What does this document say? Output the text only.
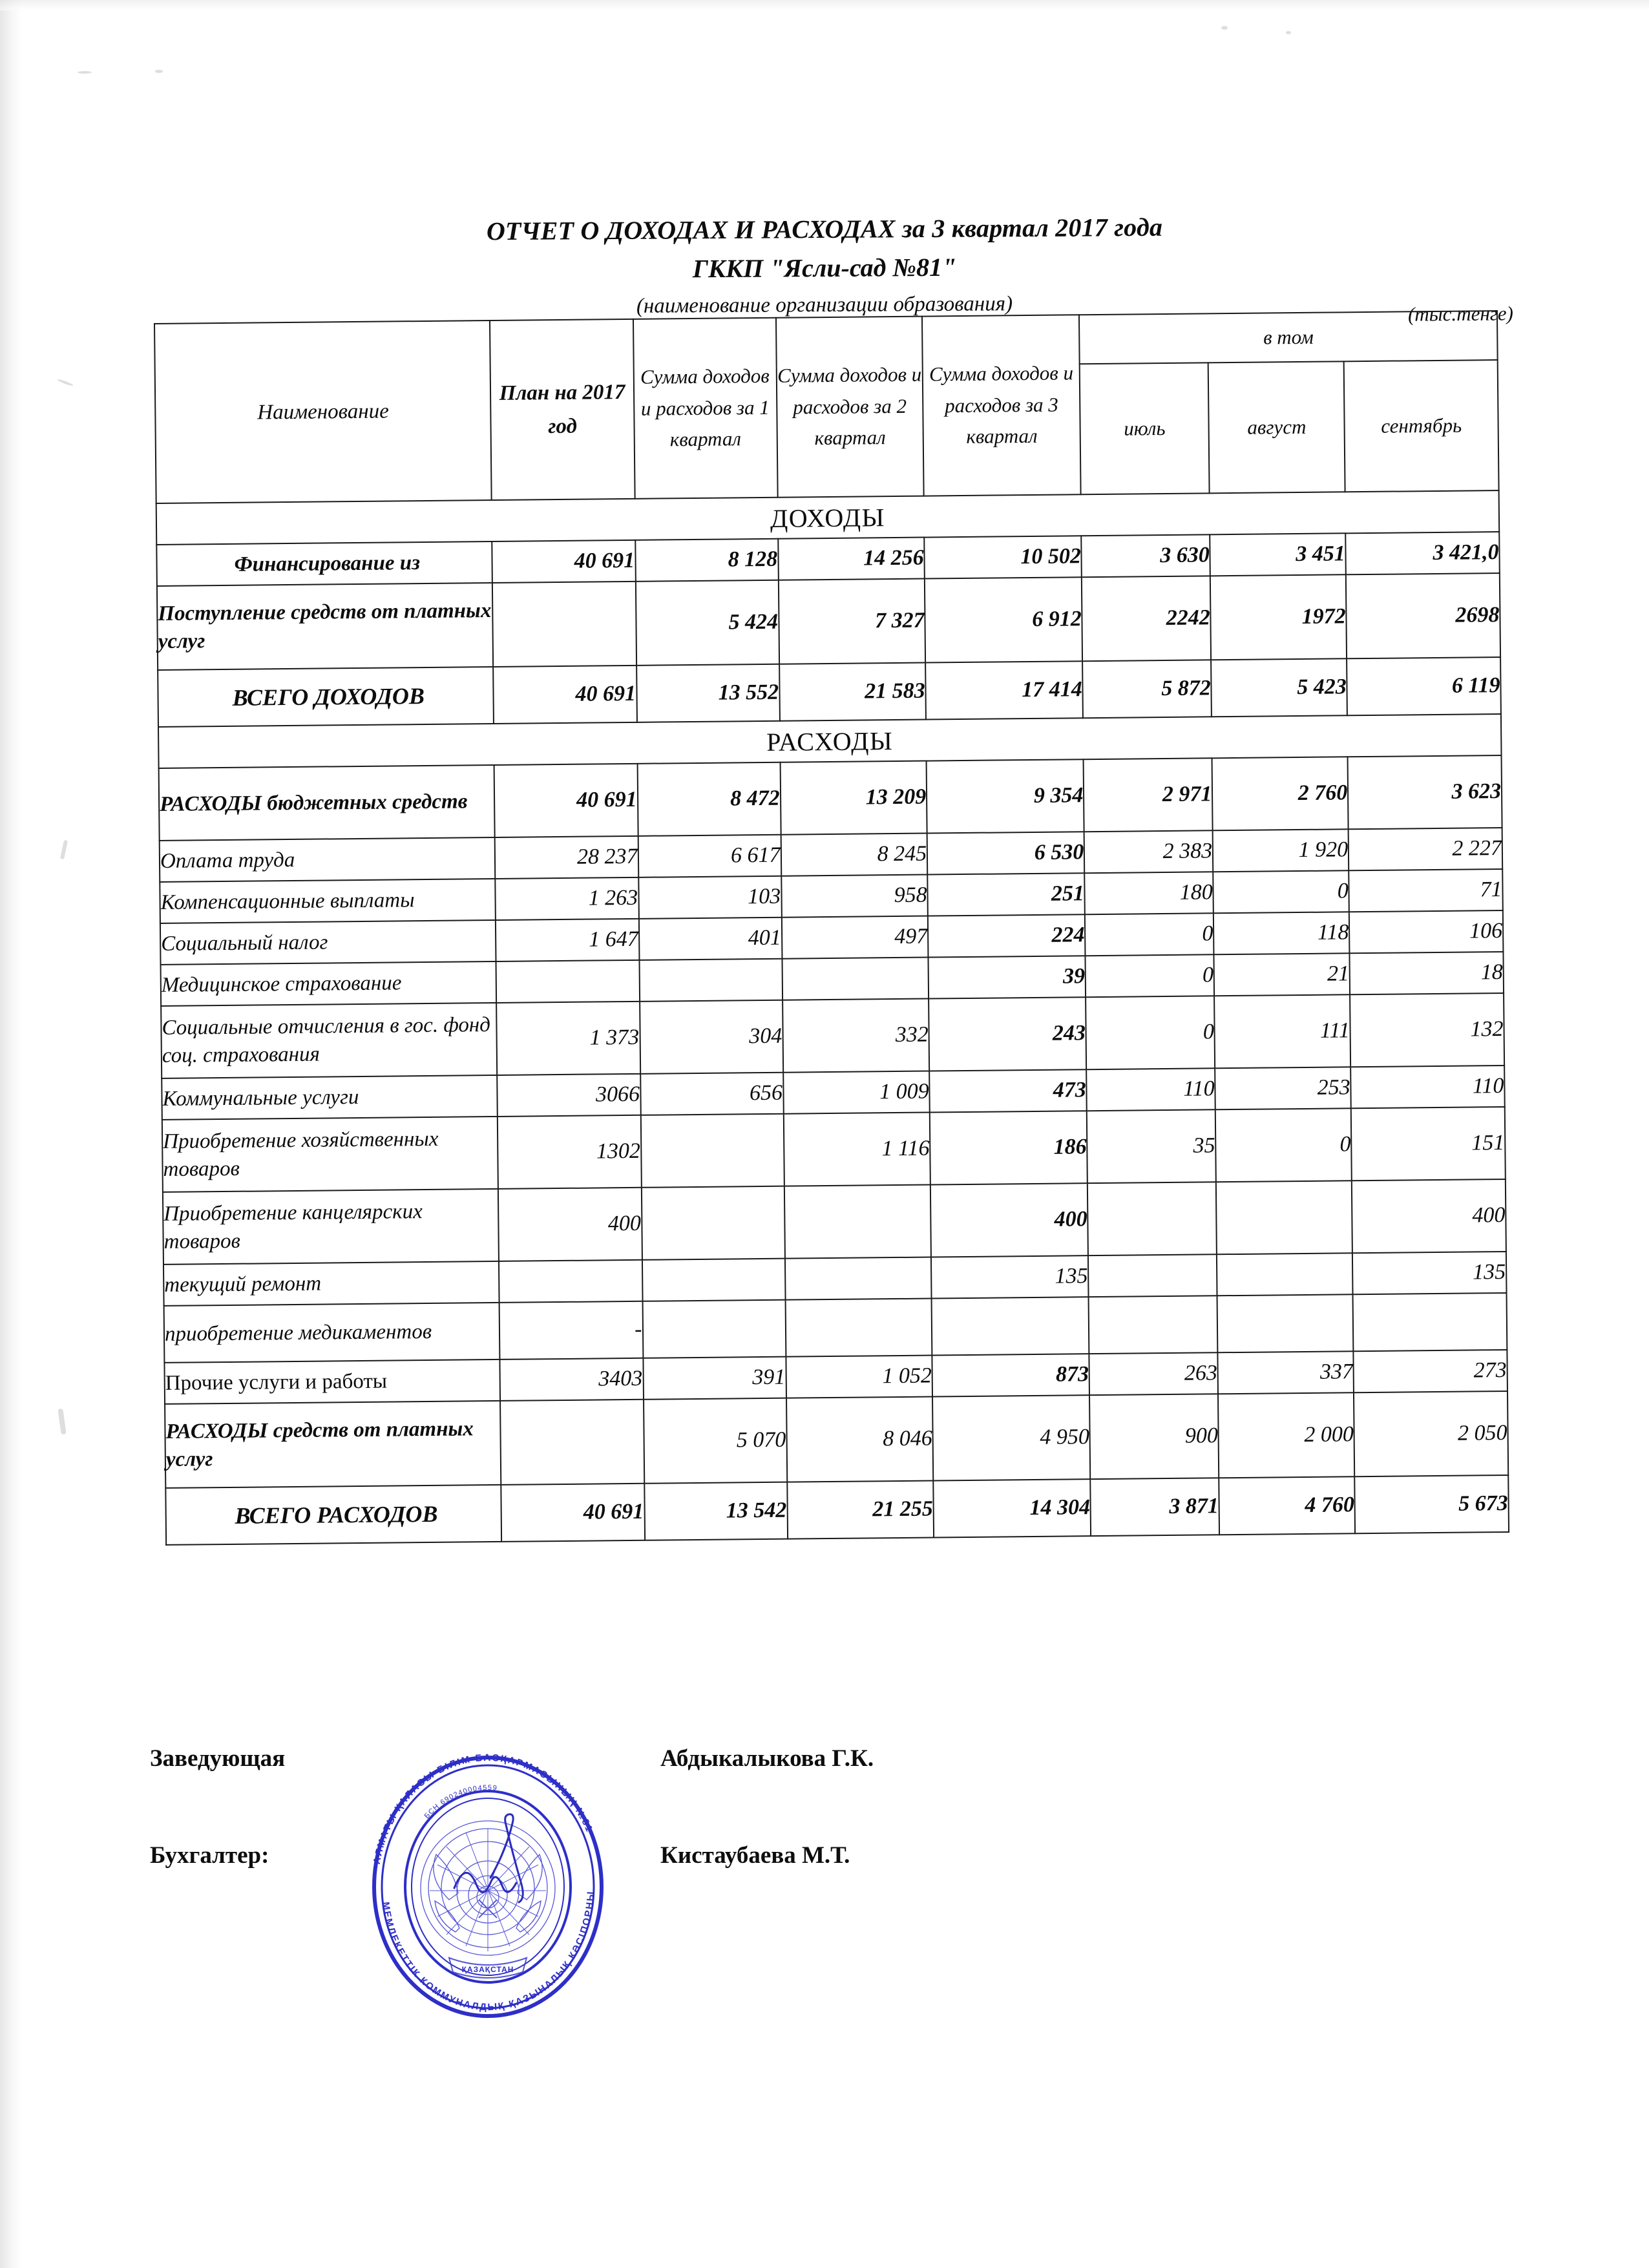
ОТЧЕТ О ДОХОДАХ И РАСХОДАХ за 3 квартал 2017 года
ГККП "Ясли-сад №81"
(наименование организации образования)	(тыс.тенге)
Наименование	План на 2017 год	Сумма доходов и расходов за 1 квартал	Сумма доходов и расходов за 2 квартал	Сумма доходов и расходов за 3 квартал	в том		
					июль	август	сентябрь
ДОХОДЫ							
Финансирование из	40 691	8 128	14 256	10 502	3 630	3 451	3 421,0
Поступление средств от платных услуг		5 424	7 327	6 912	2242	1972	2698
ВСЕГО ДОХОДОВ	40 691	13 552	21 583	17 414	5 872	5 423	6 119
РАСХОДЫ							
РАСХОДЫ бюджетных средств	40 691	8 472	13 209	9 354	2 971	2 760	3 623
Оплата труда	28 237	6 617	8 245	6 530	2 383	1 920	2 227
Компенсационные выплаты	1 263	103	958	251	180	0	71
Социальный налог	1 647	401	497	224	0	118	106
Медицинское страхование				39	0	21	18
Социальные отчисления в гос. фонд соц. страхования	1 373	304	332	243	0	111	132
Коммунальные услуги	3066	656	1 009	473	110	253	110
Приобретение хозяйственных товаров	1302		1 116	186	35	0	151
Приобретение канцелярских товаров	400			400			400
текущий ремонт				135			135
приобретение медикаментов	-						
Прочие услуги и работы	3403	391	1 052	873	263	337	273
РАСХОДЫ средств от платных услуг		5 070	8 046	4 950	900	2 000	2 050
ВСЕГО РАСХОДОВ	40 691	13 542	21 255	14 304	3 871	4 760	5 673
Заведующая	Абдыкалыкова Г.К.
Бухгалтер:	Кистаубаева М.Т.
АЛМАТЫ ҚАЛАСЫ БІЛІМ БАСҚАРМАСЫНЫҢ №81
МЕМЛЕКЕТТІК КОММУНАЛДЫҚ ҚАЗЫНАЛЫҚ КӘСІПОРНЫ
БСН 690240004559
ҚАЗАҚСТАН
